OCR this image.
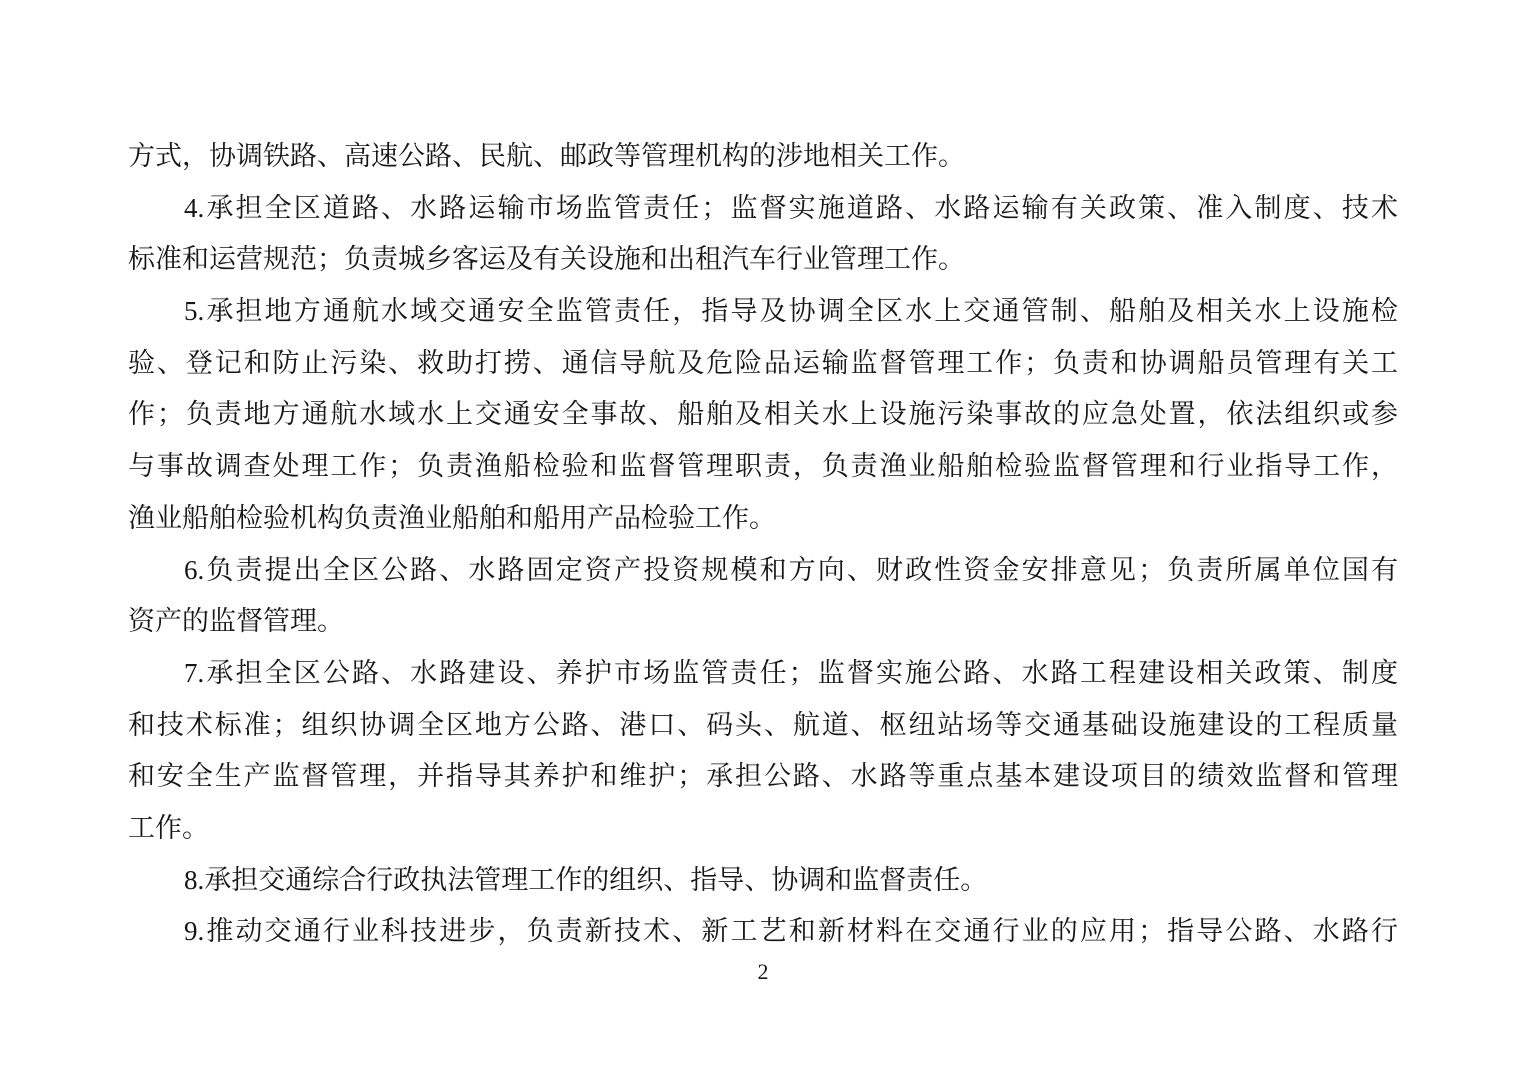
方式，协调铁路、高速公路、民航、邮政等管理机构的涉地相关工作。
4.承担全区道路、水路运输市场监管责任；监督实施道路、水路运输有关政策、准入制度、技术
标准和运营规范；负责城乡客运及有关设施和出租汽车行业管理工作。
5.承担地方通航水域交通安全监管责任，指导及协调全区水上交通管制、船舶及相关水上设施检
验、登记和防止污染、救助打捞、通信导航及危险品运输监督管理工作；负责和协调船员管理有关工
作；负责地方通航水域水上交通安全事故、船舶及相关水上设施污染事故的应急处置，依法组织或参
与事故调查处理工作；负责渔船检验和监督管理职责，负责渔业船舶检验监督管理和行业指导工作，
渔业船舶检验机构负责渔业船舶和船用产品检验工作。
6.负责提出全区公路、水路固定资产投资规模和方向、财政性资金安排意见；负责所属单位国有
资产的监督管理。
7.承担全区公路、水路建设、养护市场监管责任；监督实施公路、水路工程建设相关政策、制度
和技术标准；组织协调全区地方公路、港口、码头、航道、枢纽站场等交通基础设施建设的工程质量
和安全生产监督管理，并指导其养护和维护；承担公路、水路等重点基本建设项目的绩效监督和管理
工作。
8.承担交通综合行政执法管理工作的组织、指导、协调和监督责任。
9.推动交通行业科技进步，负责新技术、新工艺和新材料在交通行业的应用；指导公路、水路行
2
